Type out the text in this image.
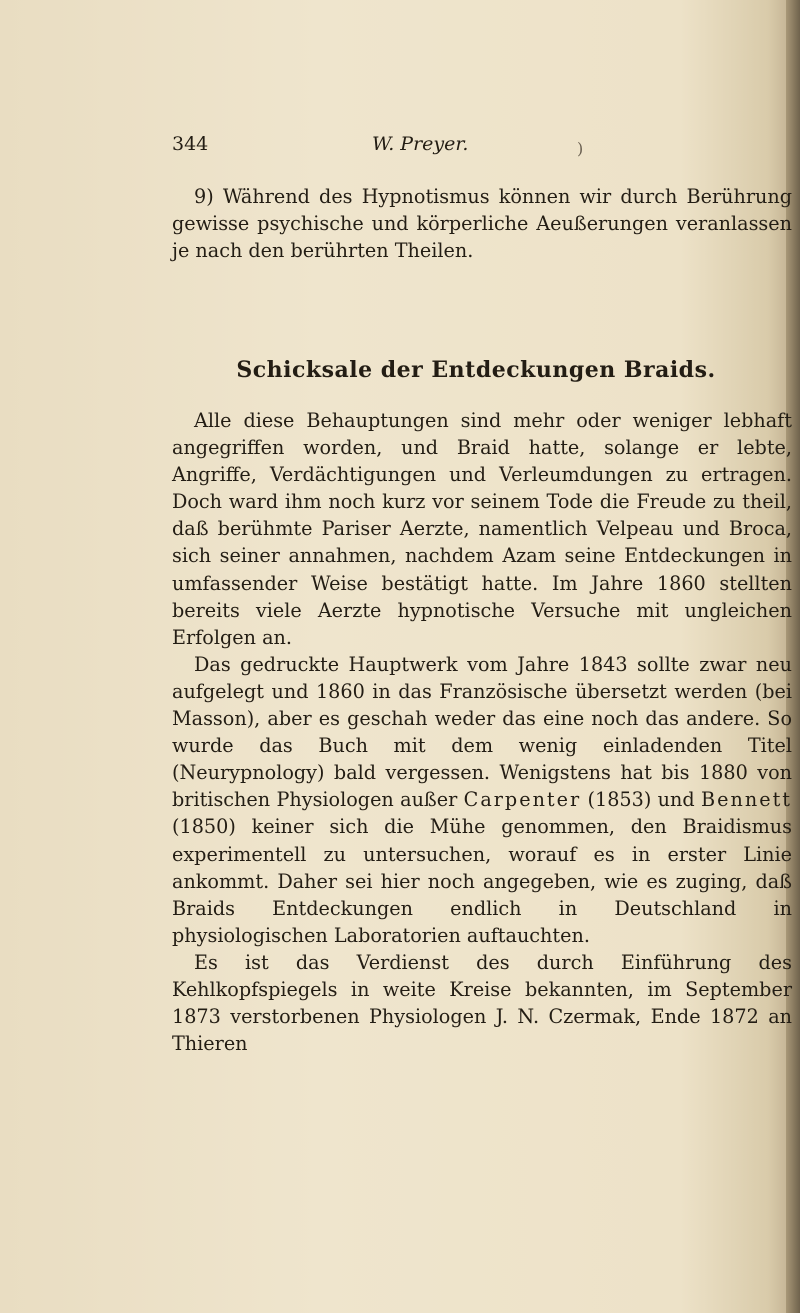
344	W. Preyer.	)

9) Während des Hypnotismus können wir durch Berührung gewisse psychische und körperliche Aeußerungen veranlassen je nach den berührten Theilen.

Schicksale der Entdeckungen Braids.

Alle diese Behauptungen sind mehr oder weniger lebhaft angegriffen worden, und Braid hatte, solange er lebte, Angriffe, Verdächtigungen und Verleumdungen zu ertragen. Doch ward ihm noch kurz vor seinem Tode die Freude zu theil, daß berühmte Pariser Aerzte, namentlich Velpeau und Broca, sich seiner annahmen, nachdem Azam seine Entdeckungen in umfassender Weise bestätigt hatte. Im Jahre 1860 stellten bereits viele Aerzte hypnotische Versuche mit ungleichen Erfolgen an.

Das gedruckte Hauptwerk vom Jahre 1843 sollte zwar neu aufgelegt und 1860 in das Französische übersetzt werden (bei Masson), aber es geschah weder das eine noch das andere. So wurde das Buch mit dem wenig einladenden Titel (Neurypnology) bald vergessen. Wenigstens hat bis 1880 von britischen Physiologen außer Carpenter (1853) und Bennett (1850) keiner sich die Mühe genommen, den Braidismus experimentell zu untersuchen, worauf es in erster Linie ankommt. Daher sei hier noch angegeben, wie es zuging, daß Braids Entdeckungen endlich in Deutschland in physiologischen Laboratorien auftauchten.

Es ist das Verdienst des durch Einführung des Kehlkopfspiegels in weite Kreise bekannten, im September 1873 verstorbenen Physiologen J. N. Czermak, Ende 1872 an Thieren
